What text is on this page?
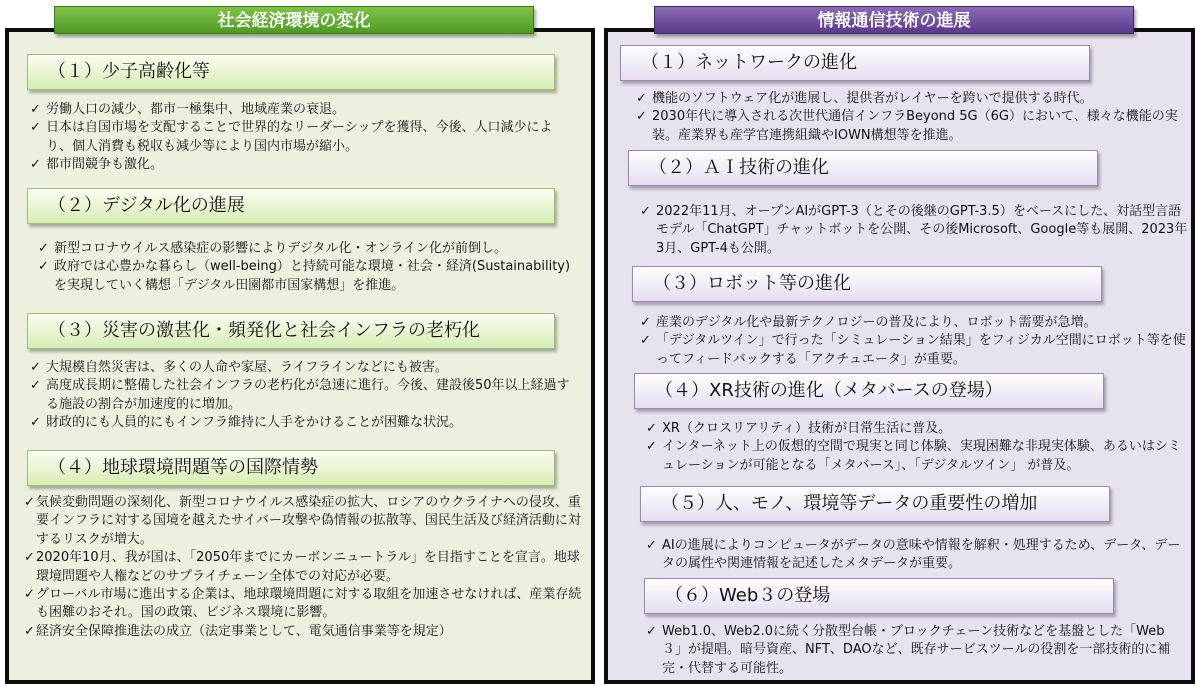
社会経済環境の変化	情報通信技術の進展
（１）少子高齢化等
✓ 労働人口の減少、都市一極集中、地域産業の衰退。
✓ 日本は自国市場を支配することで世界的なリーダーシップを獲得、今後、人口減少により、個人消費も税収も減少等により国内市場が縮小。
✓ 都市間競争も激化。
（２）デジタル化の進展
✓ 新型コロナウイルス感染症の影響によりデジタル化・オンライン化が前倒し。
✓ 政府では心豊かな暮らし（well-being）と持続可能な環境・社会・経済(Sustainability)を実現していく構想「デジタル田園都市国家構想」を推進。
（３）災害の激甚化・頻発化と社会インフラの老朽化
✓ 大規模自然災害は、多くの人命や家屋、ライフラインなどにも被害。
✓ 高度成長期に整備した社会インフラの老朽化が急速に進行。今後、建設後50年以上経過する施設の割合が加速度的に増加。
✓ 財政的にも人員的にもインフラ維持に人手をかけることが困難な状況。
（４）地球環境問題等の国際情勢
✓ 気候変動問題の深刻化、新型コロナウイルス感染症の拡大、ロシアのウクライナへの侵攻、重要インフラに対する国境を越えたサイバー攻撃や偽情報の拡散等、国民生活及び経済活動に対するリスクが増大。
✓ 2020年10月、我が国は、「2050年までにカーボンニュートラル」を目指すことを宣言。地球環境問題や人権などのサプライチェーン全体での対応が必要。
✓ グローバル市場に進出する企業は、地球環境問題に対する取組を加速させなければ、産業存続も困難のおそれ。国の政策、ビジネス環境に影響。
✓ 経済安全保障推進法の成立（法定事業として、電気通信事業等を規定）
（１）ネットワークの進化
✓ 機能のソフトウェア化が進展し、提供者がレイヤーを跨いで提供する時代。
✓ 2030年代に導入される次世代通信インフラBeyond 5G（6G）において、様々な機能の実装。産業界も産学官連携組織やIOWN構想等を推進。
（２）ＡＩ技術の進化
✓ 2022年11月、オープンAIがGPT-3（とその後継のGPT-3.5）をベースにした、対話型言語モデル「ChatGPT」チャットボットを公開、その後Microsoft、Google等も展開、2023年3月、GPT-4も公開。
（３）ロボット等の進化
✓ 産業のデジタル化や最新テクノロジーの普及により、ロボット需要が急増。
✓ 「デジタルツイン」で行った「シミュレーション結果」をフィジカル空間にロボット等を使ってフィードバックする「アクチュエータ」が重要。
（４）XR技術の進化（メタバースの登場）
✓ XR（クロスリアリティ）技術が日常生活に普及。
✓ インターネット上の仮想的空間で現実と同じ体験、実現困難な非現実体験、あるいはシミュレーションが可能となる「メタバース」、「デジタルツイン」 が普及。
（５）人、モノ、環境等データの重要性の増加
✓ AIの進展によりコンピュータがデータの意味や情報を解釈・処理するため、データ、データの属性や関連情報を記述したメタデータが重要。
（６）Web３の登場
✓ Web1.0、Web2.0に続く分散型台帳・ブロックチェーン技術などを基盤とした「Web３」が提唱。暗号資産、NFT、DAOなど、既存サービスツールの役割を一部技術的に補完・代替する可能性。
